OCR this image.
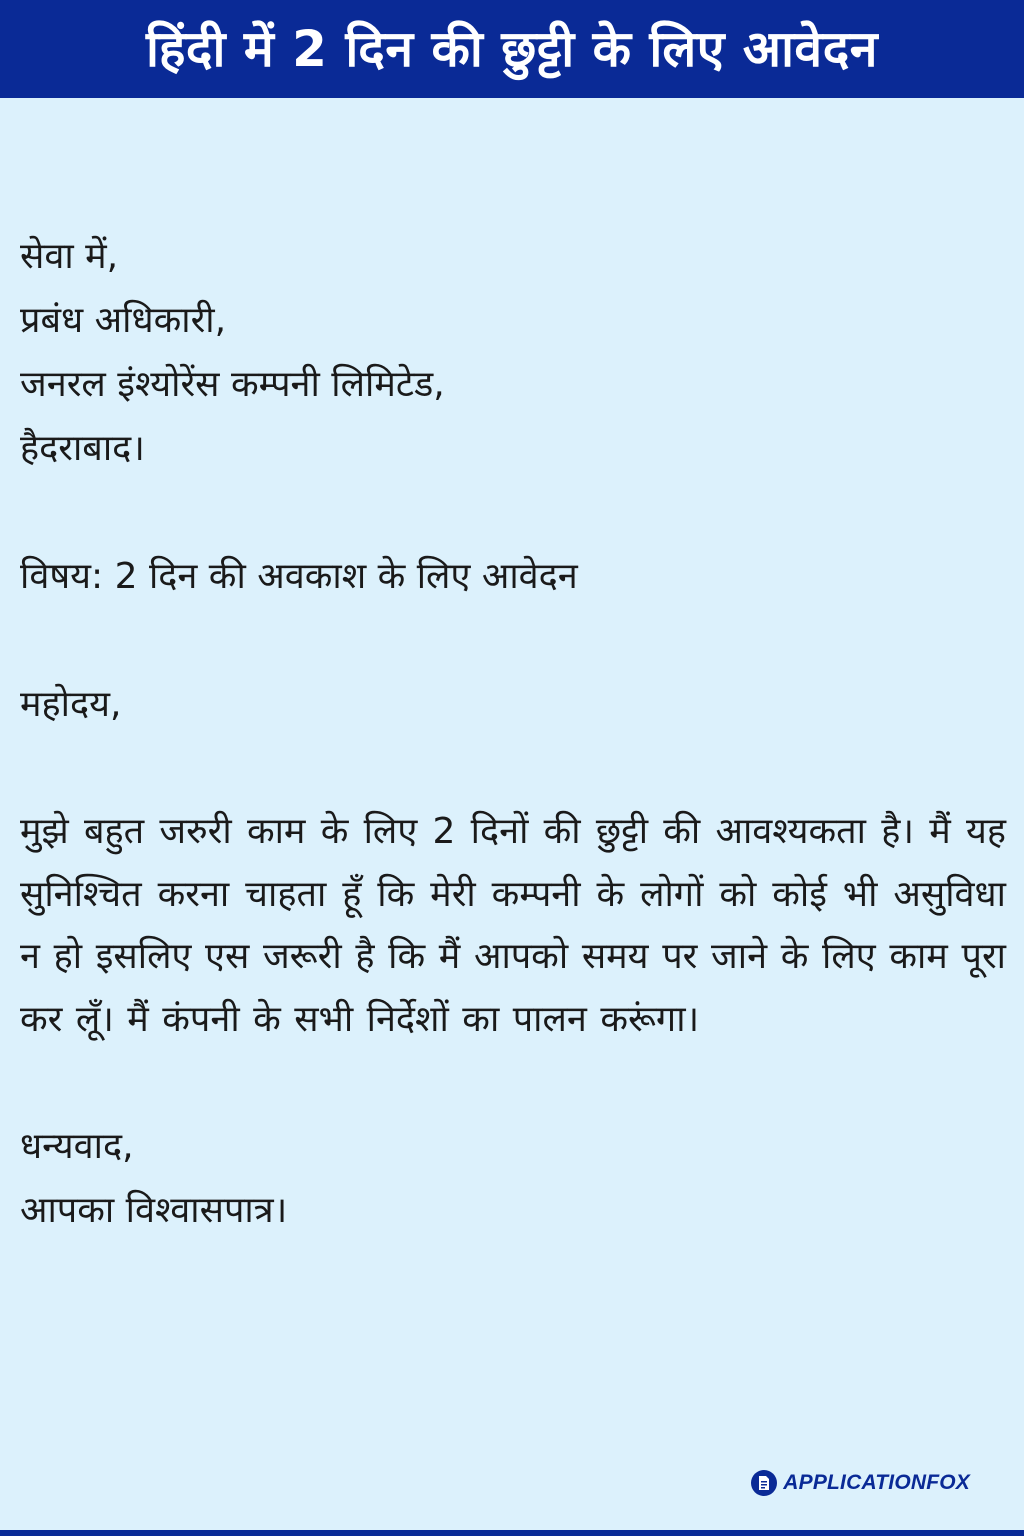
हिंदी में 2 दिन की छुट्टी के लिए आवेदन
सेवा में,
प्रबंध अधिकारी,
जनरल इंश्योरेंस कम्पनी लिमिटेड,
हैदराबाद।
विषय: 2 दिन की अवकाश के लिए आवेदन
महोदय,
मुझे बहुत जरुरी काम के लिए 2 दिनों की छुट्टी की आवश्यकता है। मैं यह सुनिश्चित करना चाहता हूँ कि मेरी कम्पनी के लोगों को कोई भी असुविधा न हो इसलिए एस जरूरी है कि मैं आपको समय पर जाने के लिए काम पूरा कर लूँ। मैं कंपनी के सभी निर्देशों का पालन करूंगा।
धन्यवाद,
आपका विश्वासपात्र।
APPLICATIONFOX
